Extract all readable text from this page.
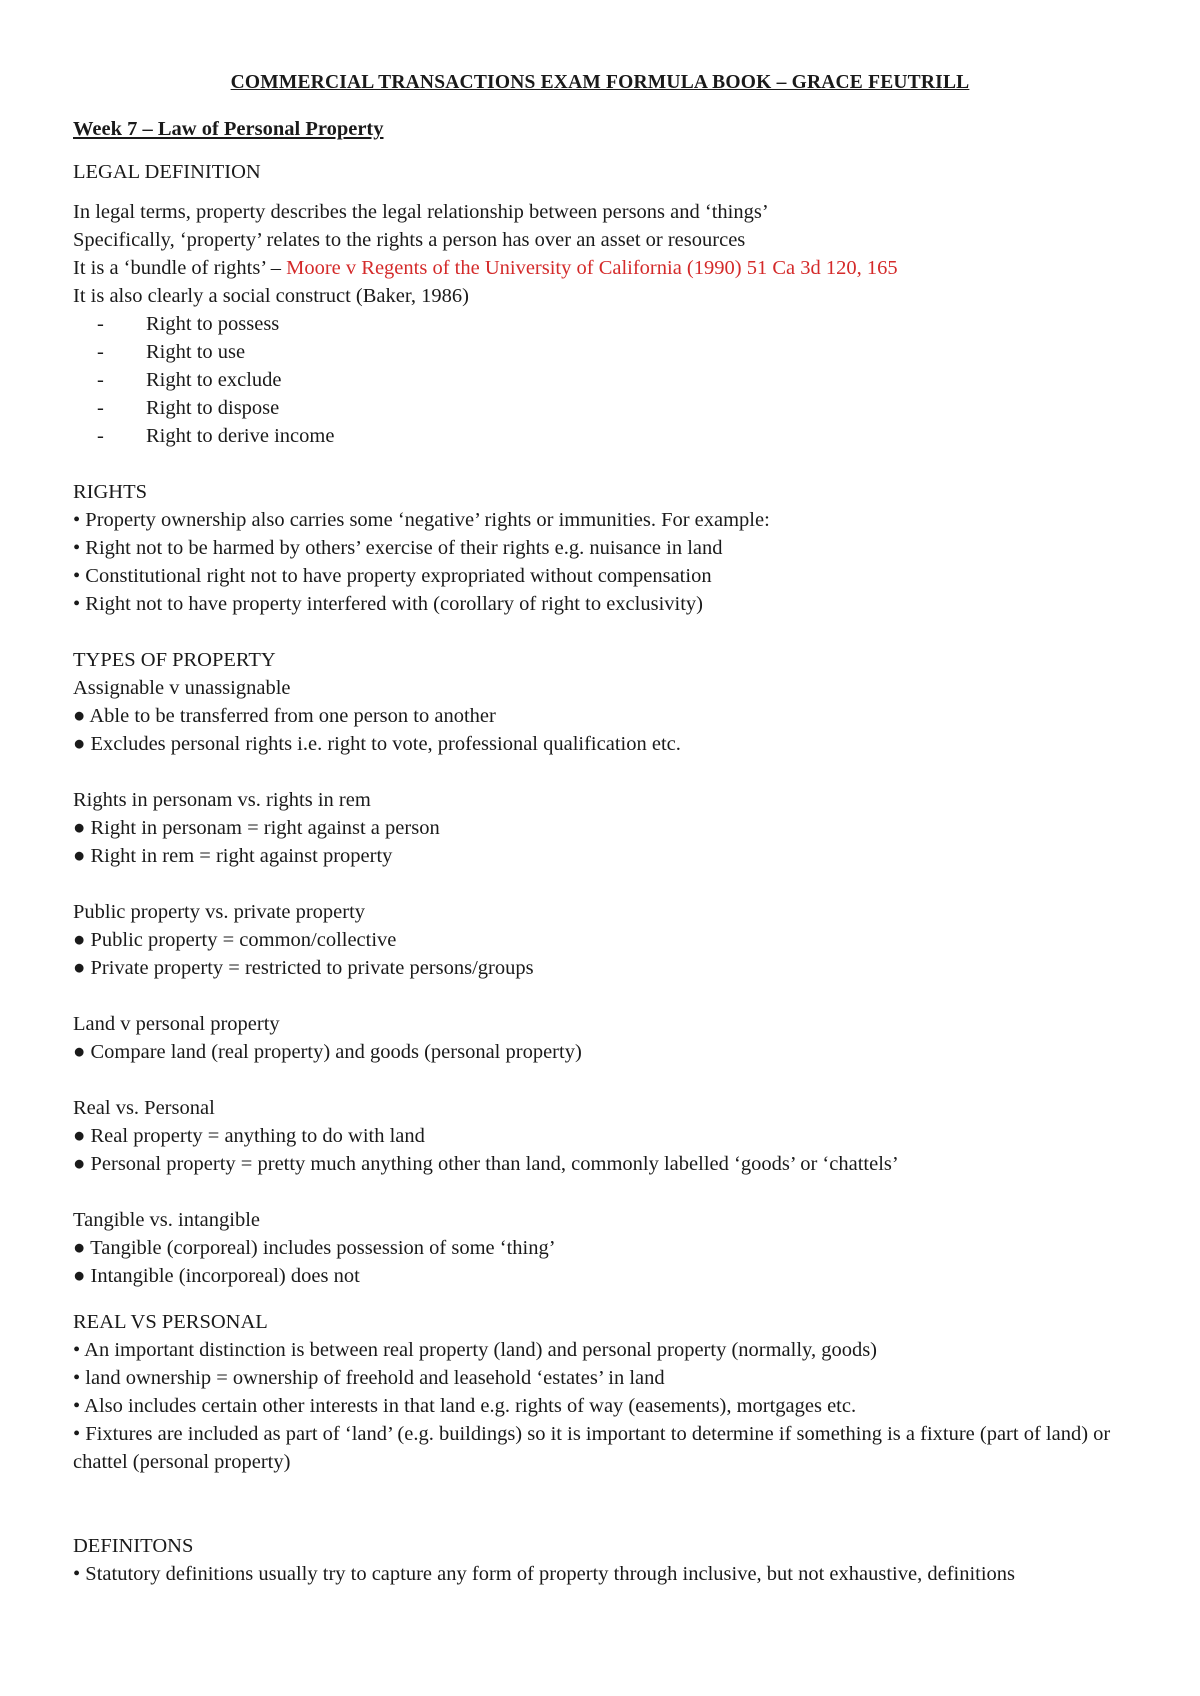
COMMERCIAL TRANSACTIONS EXAM FORMULA BOOK – GRACE FEUTRILL
Week 7 – Law of Personal Property
LEGAL DEFINITION
In legal terms, property describes the legal relationship between persons and ‘things’
Specifically, ‘property’ relates to the rights a person has over an asset or resources
It is a ‘bundle of rights’ – Moore v Regents of the University of California (1990) 51 Ca 3d 120, 165
It is also clearly a social construct (Baker, 1986)
-	Right to possess
-	Right to use
-	Right to exclude
-	Right to dispose
-	Right to derive income
RIGHTS
• Property ownership also carries some ‘negative’ rights or immunities. For example:
• Right not to be harmed by others’ exercise of their rights e.g. nuisance in land
• Constitutional right not to have property expropriated without compensation
• Right not to have property interfered with (corollary of right to exclusivity)
TYPES OF PROPERTY
Assignable v unassignable
● Able to be transferred from one person to another
● Excludes personal rights i.e. right to vote, professional qualification etc.
Rights in personam vs. rights in rem
● Right in personam = right against a person
● Right in rem = right against property
Public property vs. private property
● Public property = common/collective
● Private property = restricted to private persons/groups
Land v personal property
● Compare land (real property) and goods (personal property)
Real vs. Personal
● Real property = anything to do with land
● Personal property = pretty much anything other than land, commonly labelled ‘goods’ or ‘chattels’
Tangible vs. intangible
● Tangible (corporeal) includes possession of some ‘thing’
● Intangible (incorporeal) does not
REAL VS PERSONAL
• An important distinction is between real property (land) and personal property (normally, goods)
• land ownership = ownership of freehold and leasehold ‘estates’ in land
• Also includes certain other interests in that land e.g. rights of way (easements), mortgages etc.
• Fixtures are included as part of ‘land’ (e.g. buildings) so it is important to determine if something is a fixture (part of land) or chattel (personal property)
DEFINITONS
• Statutory definitions usually try to capture any form of property through inclusive, but not exhaustive, definitions
